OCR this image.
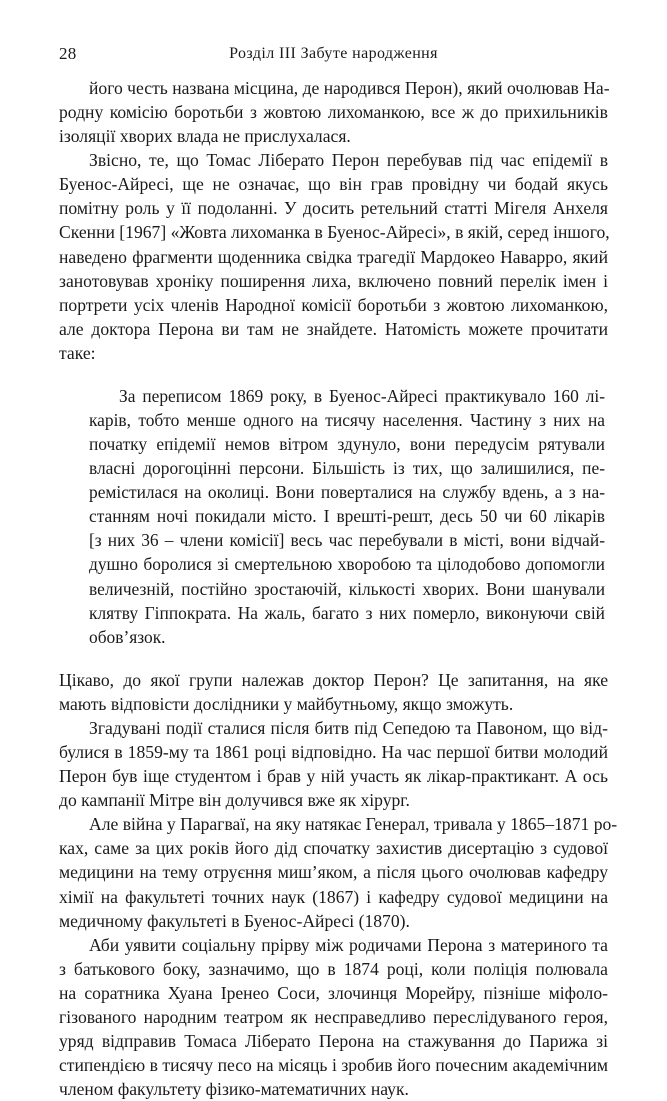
28	Розділ III Забуте народження
його честь названа місцина, де народився Перон), який очолював На-
родну комісію боротьби з жовтою лихоманкою, все ж до прихильників
ізоляції хворих влада не прислухалася.
Звісно, те, що Томас Ліберато Перон перебував під час епідемії в
Буенос-Айресі, ще не означає, що він грав провідну чи бодай якусь
помітну роль у її подоланні. У досить ретельний статті Мігеля Анхеля
Скенни [1967] «Жовта лихоманка в Буенос-Айресі», в якій, серед іншого,
наведено фрагменти щоденника свідка трагедії Мардокео Наварро, який
занотовував хроніку поширення лиха, включено повний перелік імен і
портрети усіх членів Народної комісії боротьби з жовтою лихоманкою,
але доктора Перона ви там не знайдете. Натомість можете прочитати
таке:
За переписом 1869 року, в Буенос-Айресі практикувало 160 лі-
карів, тобто менше одного на тисячу населення. Частину з них на
початку епідемії немов вітром здунуло, вони передусім рятували
власні дорогоцінні персони. Більшість із тих, що залишилися, пе-
ремістилася на околиці. Вони поверталися на службу вдень, а з на-
станням ночі покидали місто. І врешті-решт, десь 50 чи 60 лікарів
[з них 36 – члени комісії] весь час перебували в місті, вони відчай-
душно боролися зі смертельною хворобою та цілодобово допомогли
величезній, постійно зростаючій, кількості хворих. Вони шанували
клятву Гіппократа. На жаль, багато з них померло, виконуючи свій
обов’язок.
Цікаво, до якої групи належав доктор Перон? Це запитання, на яке
мають відповісти дослідники у майбутньому, якщо зможуть.
Згадувані події сталися після битв під Сепедою та Павоном, що від-
булися в 1859-му та 1861 році відповідно. На час першої битви молодий
Перон був іще студентом і брав у ній участь як лікар-практикант. А ось
до кампанії Мітре він долучився вже як хірург.
Але війна у Парагваї, на яку натякає Генерал, тривала у 1865–1871 ро-
ках, саме за цих років його дід спочатку захистив дисертацію з судової
медицини на тему отруєння миш’яком, а після цього очолював кафедру
хімії на факультеті точних наук (1867) і кафедру судової медицини на
медичному факультеті в Буенос-Айресі (1870).
Аби уявити соціальну прірву між родичами Перона з материного та
з батькового боку, зазначимо, що в 1874 році, коли поліція полювала
на соратника Хуана Іренео Соси, злочинця Морейру, пізніше міфоло-
гізованого народним театром як несправедливо переслідуваного героя,
уряд відправив Томаса Ліберато Перона на стажування до Парижа зі
стипендією в тисячу песо на місяць і зробив його почесним академічним
членом факультету фізико-математичних наук.
